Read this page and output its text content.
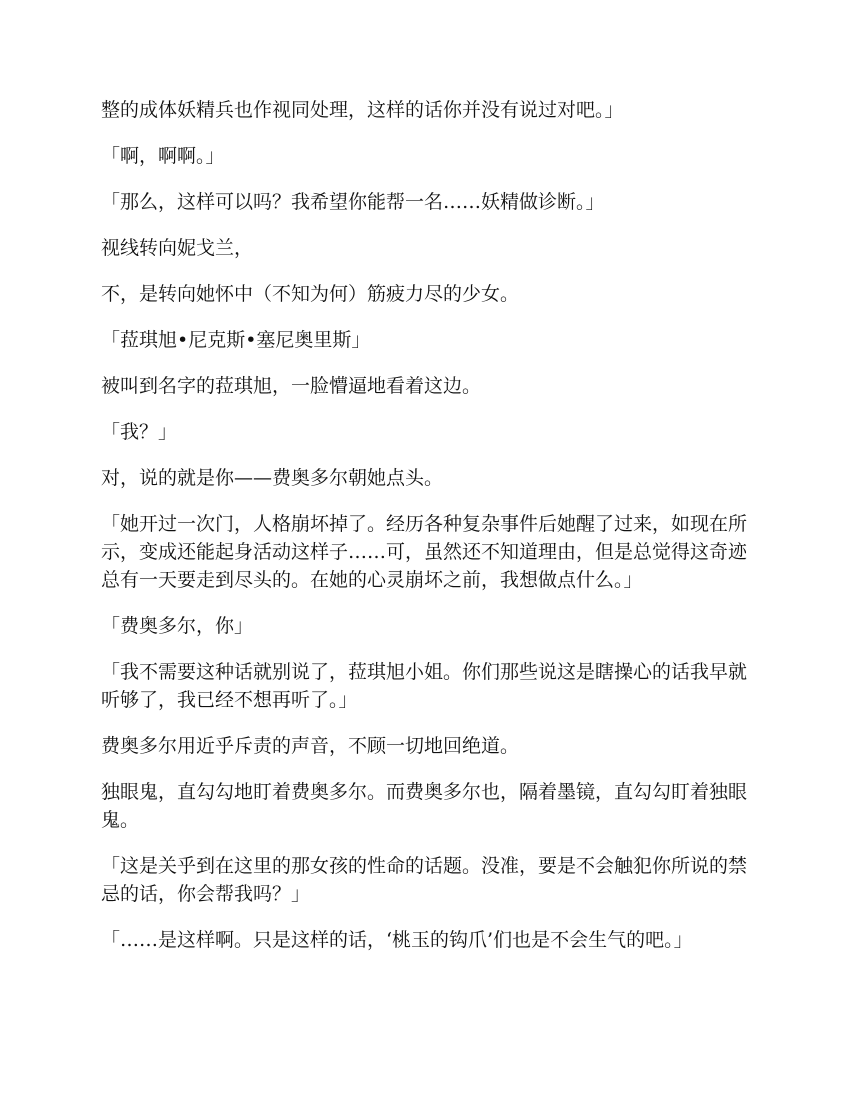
整的成体妖精兵也作视同处理，这样的话你并没有说过对吧。」

「啊，啊啊。」

「那么，这样可以吗？我希望你能帮一名……妖精做诊断。」

视线转向妮戈兰，

不，是转向她怀中（不知为何）筋疲力尽的少女。

「菈琪旭•尼克斯•塞尼奥里斯」

被叫到名字的菈琪旭，一脸懵逼地看着这边。

「我？」

对，说的就是你——费奥多尔朝她点头。

「她开过一次门，人格崩坏掉了。经历各种复杂事件后她醒了过来，如现在所示，变成还能起身活动这样子……可，虽然还不知道理由，但是总觉得这奇迹总有一天要走到尽头的。在她的心灵崩坏之前，我想做点什么。」

「费奥多尔，你」

「我不需要这种话就别说了，菈琪旭小姐。你们那些说这是瞎操心的话我早就听够了，我已经不想再听了。」

费奥多尔用近乎斥责的声音，不顾一切地回绝道。

独眼鬼，直勾勾地盯着费奥多尔。而费奥多尔也，隔着墨镜，直勾勾盯着独眼鬼。

「这是关乎到在这里的那女孩的性命的话题。没准，要是不会触犯你所说的禁忌的话，你会帮我吗？」

「……是这样啊。只是这样的话，‘桃玉的钩爪’们也是不会生气的吧。」
